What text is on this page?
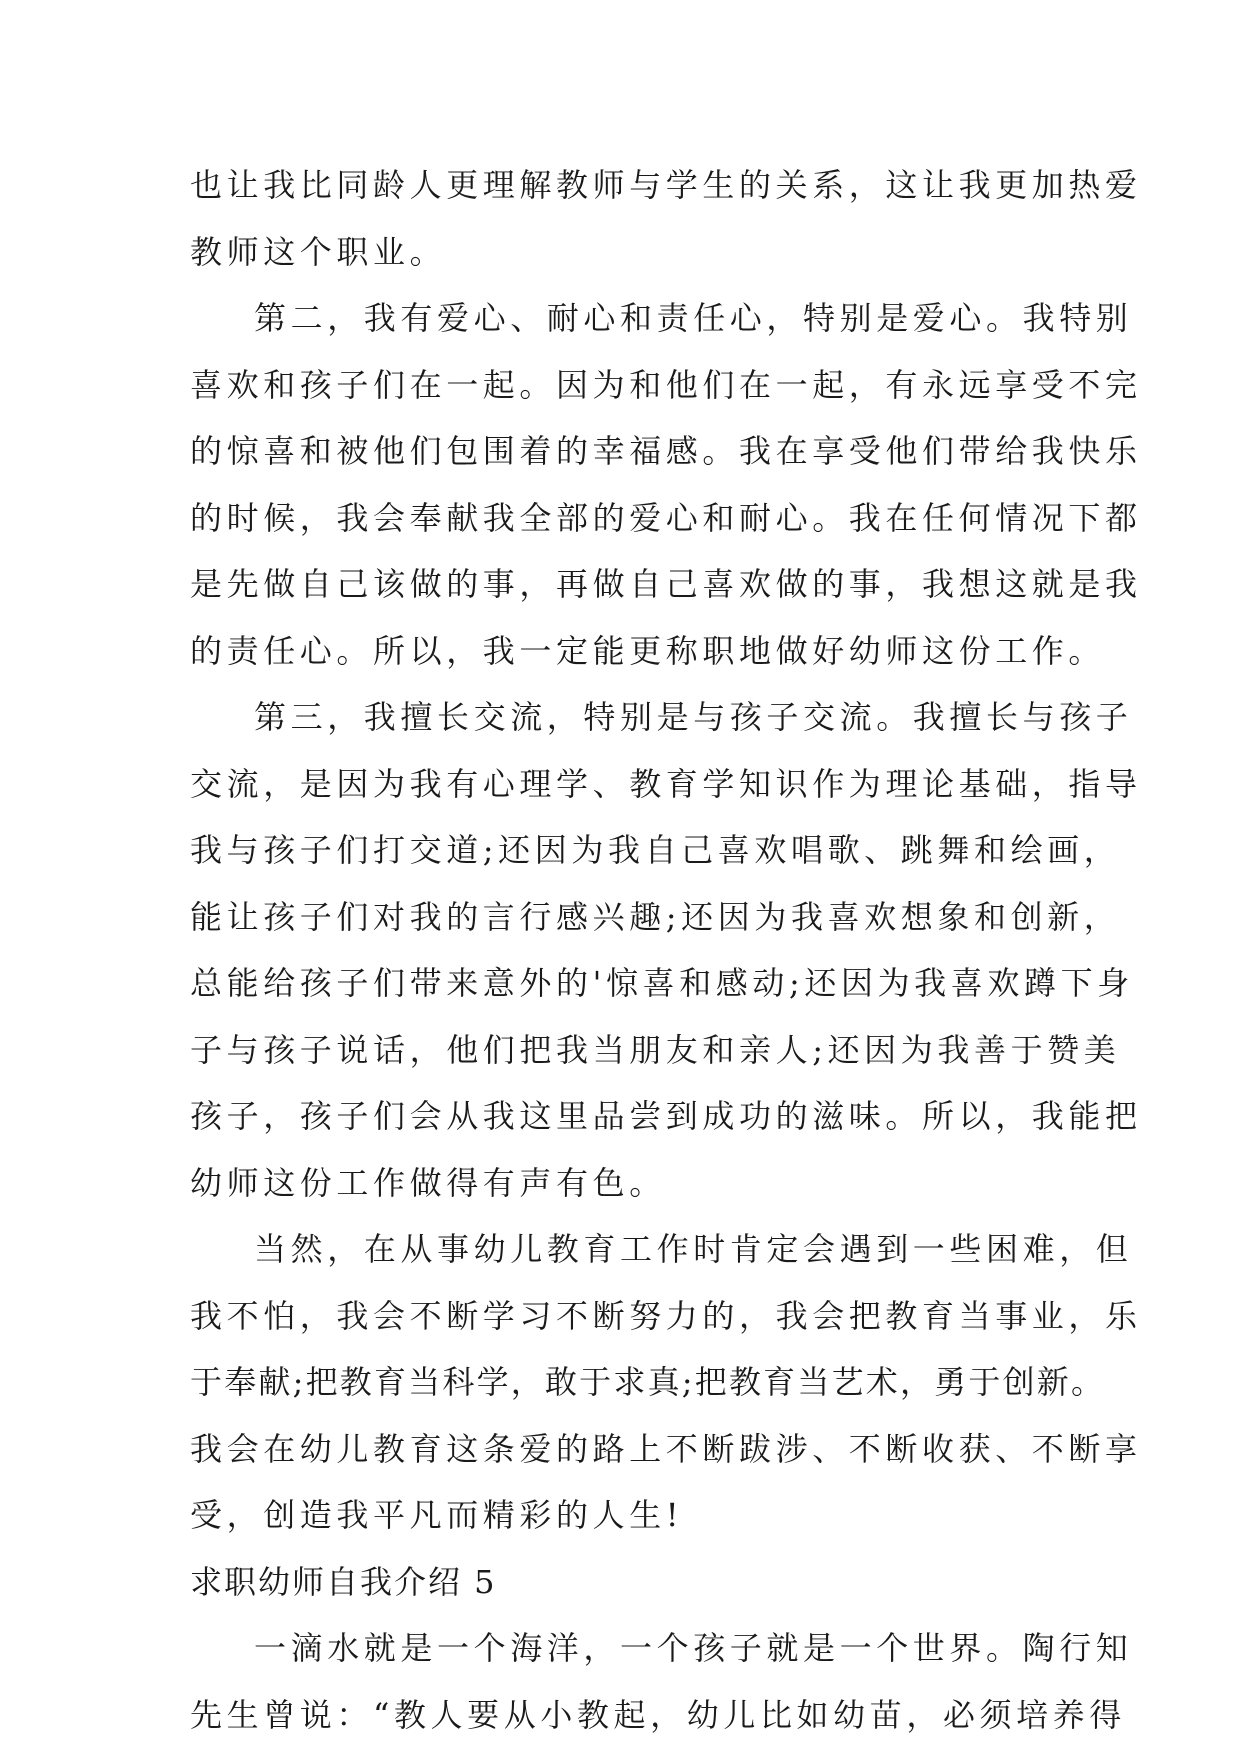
也让我比同龄人更理解教师与学生的关系，这让我更加热爱
教师这个职业。
第二，我有爱心、耐心和责任心，特别是爱心。我特别
喜欢和孩子们在一起。因为和他们在一起，有永远享受不完
的惊喜和被他们包围着的幸福感。我在享受他们带给我快乐
的时候，我会奉献我全部的爱心和耐心。我在任何情况下都
是先做自己该做的事，再做自己喜欢做的事，我想这就是我
的责任心。所以，我一定能更称职地做好幼师这份工作。
第三，我擅长交流，特别是与孩子交流。我擅长与孩子
交流，是因为我有心理学、教育学知识作为理论基础，指导
我与孩子们打交道;还因为我自己喜欢唱歌、跳舞和绘画，
能让孩子们对我的言行感兴趣;还因为我喜欢想象和创新，
总能给孩子们带来意外的'惊喜和感动;还因为我喜欢蹲下身
子与孩子说话，他们把我当朋友和亲人;还因为我善于赞美
孩子，孩子们会从我这里品尝到成功的滋味。所以，我能把
幼师这份工作做得有声有色。
当然，在从事幼儿教育工作时肯定会遇到一些困难，但
我不怕，我会不断学习不断努力的，我会把教育当事业，乐
于奉献;把教育当科学，敢于求真;把教育当艺术，勇于创新。
我会在幼儿教育这条爱的路上不断跋涉、不断收获、不断享
受，创造我平凡而精彩的人生!
求职幼师自我介绍 5
一滴水就是一个海洋，一个孩子就是一个世界。陶行知
先生曾说：“教人要从小教起，幼儿比如幼苗，必须培养得
